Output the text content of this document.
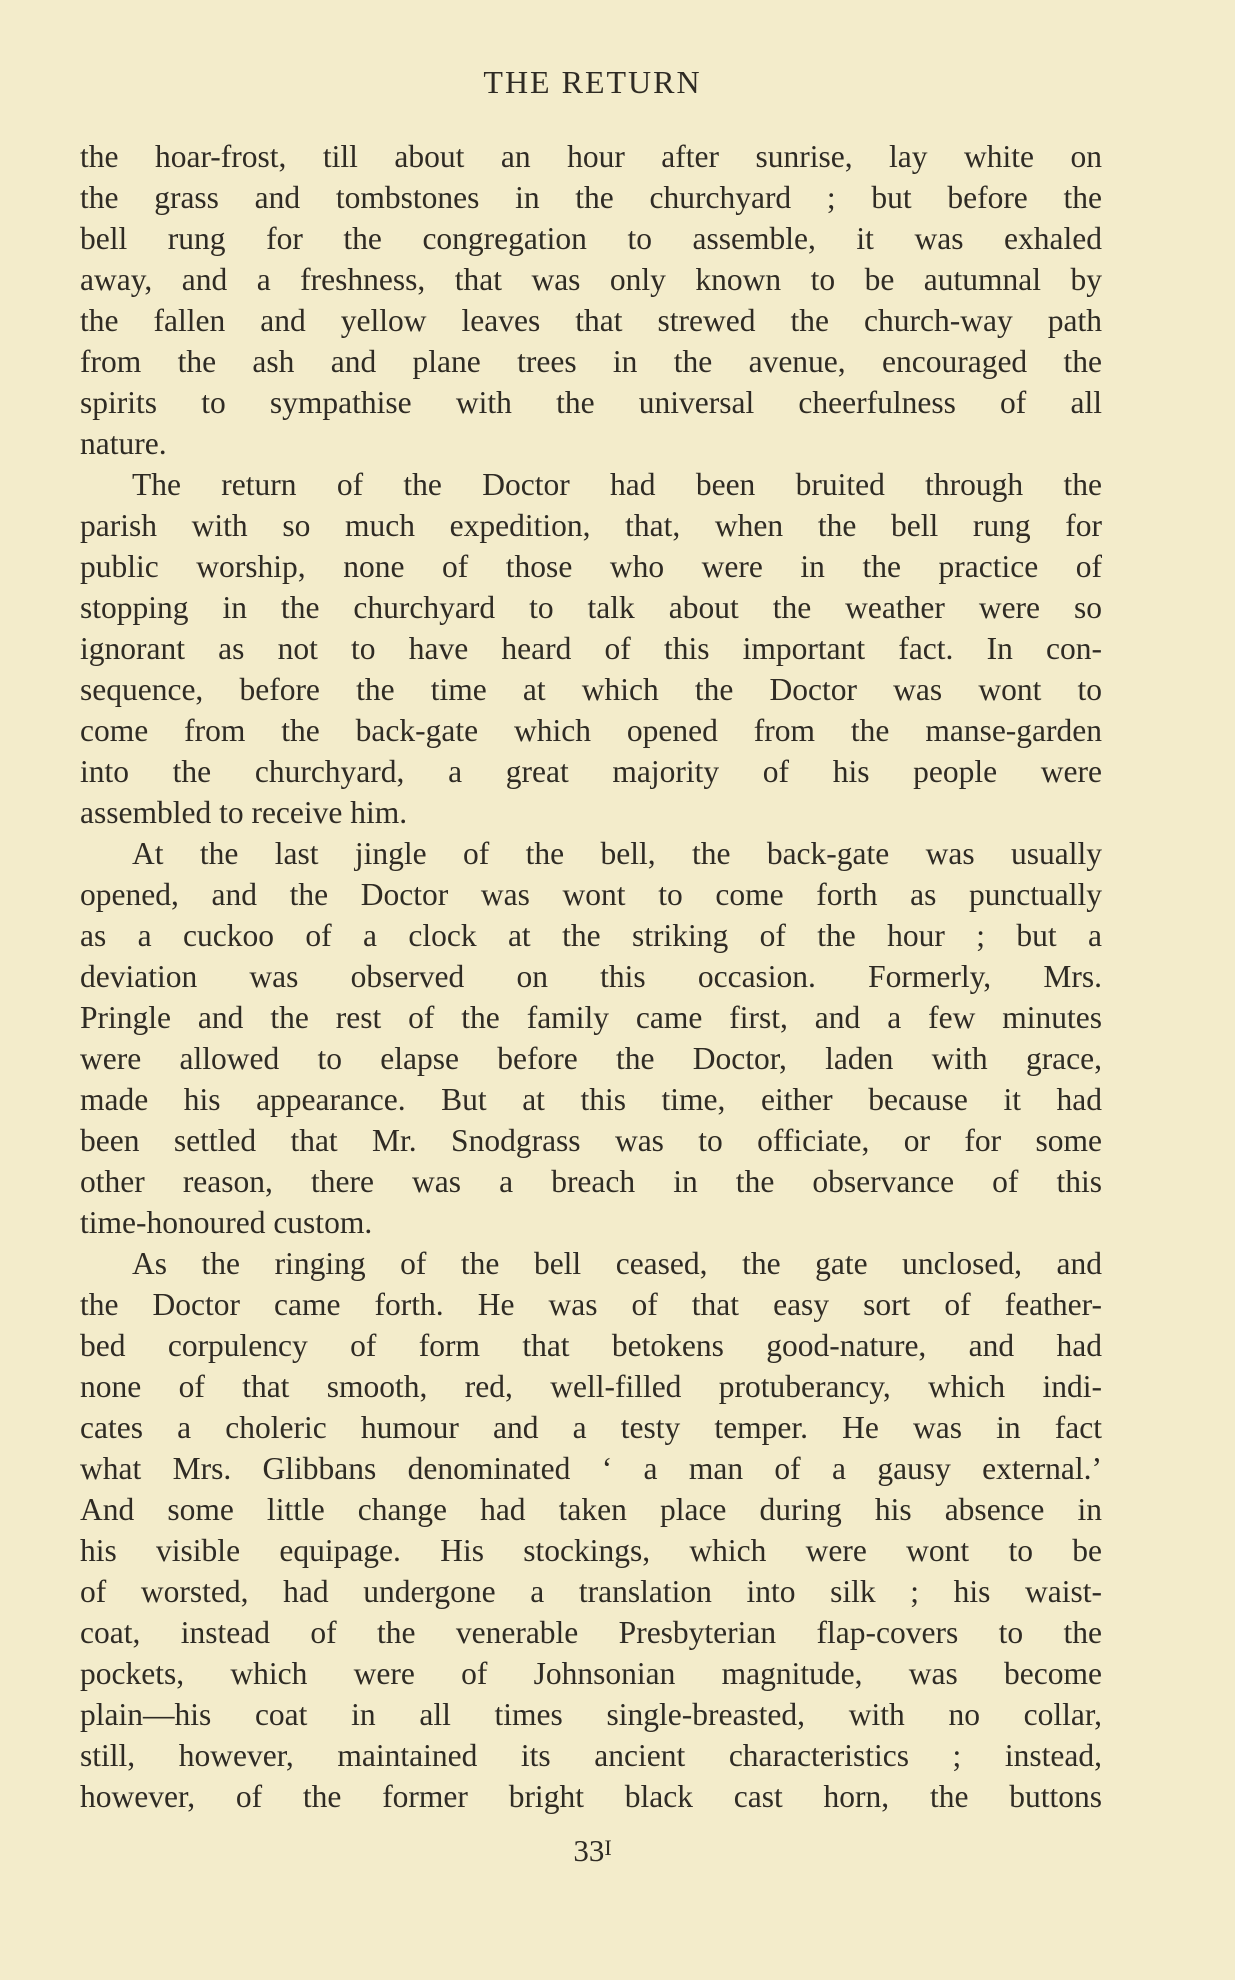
THE RETURN
the hoar-frost, till about an hour after sunrise, lay white on
the grass and tombstones in the churchyard ; but before the
bell rung for the congregation to assemble, it was exhaled
away, and a freshness, that was only known to be autumnal by
the fallen and yellow leaves that strewed the church-way path
from the ash and plane trees in the avenue, encouraged the
spirits to sympathise with the universal cheerfulness of all
nature.
The return of the Doctor had been bruited through the
parish with so much expedition, that, when the bell rung for
public worship, none of those who were in the practice of
stopping in the churchyard to talk about the weather were so
ignorant as not to have heard of this important fact. In con-
sequence, before the time at which the Doctor was wont to
come from the back-gate which opened from the manse-garden
into the churchyard, a great majority of his people were
assembled to receive him.
At the last jingle of the bell, the back-gate was usually
opened, and the Doctor was wont to come forth as punctually
as a cuckoo of a clock at the striking of the hour ; but a
deviation was observed on this occasion. Formerly, Mrs.
Pringle and the rest of the family came first, and a few minutes
were allowed to elapse before the Doctor, laden with grace,
made his appearance. But at this time, either because it had
been settled that Mr. Snodgrass was to officiate, or for some
other reason, there was a breach in the observance of this
time-honoured custom.
As the ringing of the bell ceased, the gate unclosed, and
the Doctor came forth. He was of that easy sort of feather-
bed corpulency of form that betokens good-nature, and had
none of that smooth, red, well-filled protuberancy, which indi-
cates a choleric humour and a testy temper. He was in fact
what Mrs. Glibbans denominated ‘ a man of a gausy external.’
And some little change had taken place during his absence in
his visible equipage. His stockings, which were wont to be
of worsted, had undergone a translation into silk ; his waist-
coat, instead of the venerable Presbyterian flap-covers to the
pockets, which were of Johnsonian magnitude, was become
plain—his coat in all times single-breasted, with no collar,
still, however, maintained its ancient characteristics ; instead,
however, of the former bright black cast horn, the buttons
$33^I$
